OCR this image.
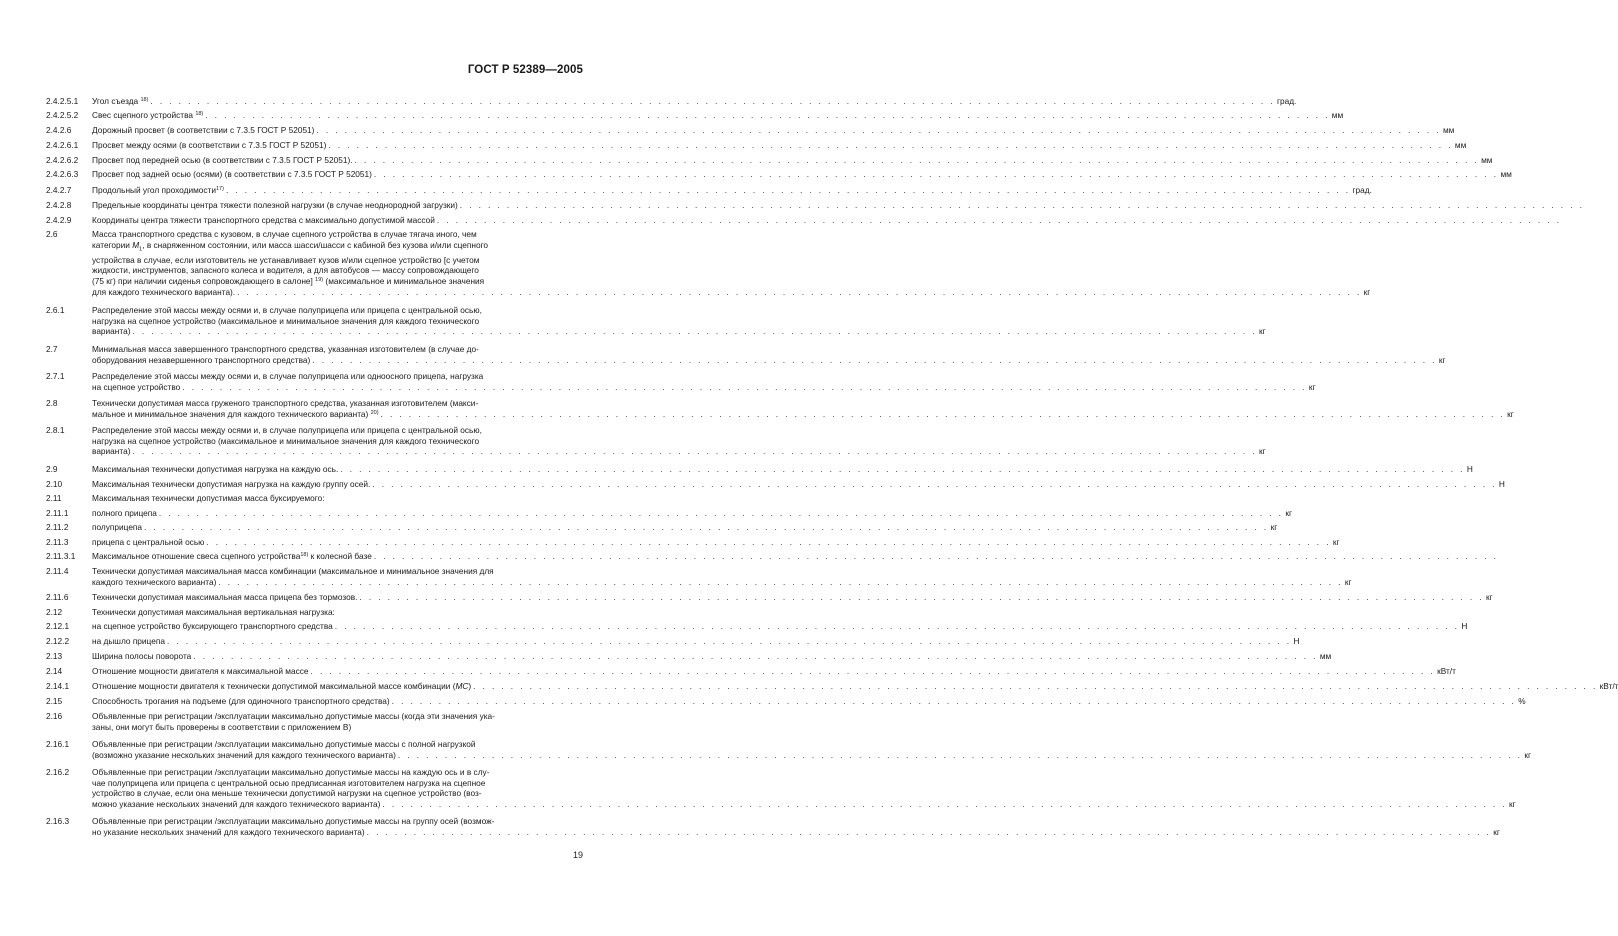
ГОСТ Р 52389—2005
2.4.2.5.1	Угол съезда $^{18)}$ . . . . . . . . . . . . . . . . . . . . . . . . . . . . . . . . . . . . . . . . . . . . . . . . . . . . . . . . . . . . . . . . . . . . . . . . . . . . . . . . . . . . . . . . . . . . . . . . . . . . . . . . . . . . . . . . . . . . . . . . град.
2.4.2.5.2	Свес сцепного устройства $^{18)}$ . . . . . . . . . . . . . . . . . . . . . . . . . . . . . . . . . . . . . . . . . . . . . . . . . . . . . . . . . . . . . . . . . . . . . . . . . . . . . . . . . . . . . . . . . . . . . . . . . . . . . . . . . . . . . . . . . . . . . . . . мм
2.4.2.6	Дорожный просвет (в соответствии с 7.3.5 ГОСТ Р 52051) . . . . . . . . . . . . . . . . . . . . . . . . . . . . . . . . . . . . . . . . . . . . . . . . . . . . . . . . . . . . . . . . . . . . . . . . . . . . . . . . . . . . . . . . . . . . . . . . . . . . . . . . . . . . . . . . . . . . . . . . мм
2.4.2.6.1	Просвет между осями (в соответствии с 7.3.5 ГОСТ Р 52051) . . . . . . . . . . . . . . . . . . . . . . . . . . . . . . . . . . . . . . . . . . . . . . . . . . . . . . . . . . . . . . . . . . . . . . . . . . . . . . . . . . . . . . . . . . . . . . . . . . . . . . . . . . . . . . . . . . . . . . . . мм
2.4.2.6.2	Просвет под передней осью (в соответствии с 7.3.5 ГОСТ Р 52051). . . . . . . . . . . . . . . . . . . . . . . . . . . . . . . . . . . . . . . . . . . . . . . . . . . . . . . . . . . . . . . . . . . . . . . . . . . . . . . . . . . . . . . . . . . . . . . . . . . . . . . . . . . . . . . . . . . . . . . . . мм
2.4.2.6.3	Просвет под задней осью (осями) (в соответствии с 7.3.5 ГОСТ Р 52051) . . . . . . . . . . . . . . . . . . . . . . . . . . . . . . . . . . . . . . . . . . . . . . . . . . . . . . . . . . . . . . . . . . . . . . . . . . . . . . . . . . . . . . . . . . . . . . . . . . . . . . . . . . . . . . . . . . . . . . . . мм
2.4.2.7	Продольный угол проходимости$^{17)}$ . . . . . . . . . . . . . . . . . . . . . . . . . . . . . . . . . . . . . . . . . . . . . . . . . . . . . . . . . . . . . . . . . . . . . . . . . . . . . . . . . . . . . . . . . . . . . . . . . . . . . . . . . . . . . . . . . . . . . . . . град.
2.4.2.8	Предельные координаты центра тяжести полезной нагрузки (в случае неоднородной загрузки) . . . . . . . . . . . . . . . . . . . . . . . . . . . . . . . . . . . . . . . . . . . . . . . . . . . . . . . . . . . . . . . . . . . . . . . . . . . . . . . . . . . . . . . . . . . . . . . . . . . . . . . . . . . . . . . . . . . . . . . .
2.4.2.9	Координаты центра тяжести транспортного средства с максимально допустимой массой . . . . . . . . . . . . . . . . . . . . . . . . . . . . . . . . . . . . . . . . . . . . . . . . . . . . . . . . . . . . . . . . . . . . . . . . . . . . . . . . . . . . . . . . . . . . . . . . . . . . . . . . . . . . . . . . . . . . . . . .
2.6	Масса транспортного средства с кузовом, в случае сцепного устройства в случае тягача иного, чем
категории $М_1$, в снаряженном состоянии, или масса шасси/шасси с кабиной без кузова и/или сцепного
устройства в случае, если изготовитель не устанавливает кузов и/или сцепное устройство [с учетом
жидкости, инструментов, запасного колеса и водителя, а для автобусов — массу сопровождающего
(75 кг) при наличии сиденья сопровождающего в салоне] $^{19)}$ (максимальное и минимальное значения
для каждого технического варианта). . . . . . . . . . . . . . . . . . . . . . . . . . . . . . . . . . . . . . . . . . . . . . . . . . . . . . . . . . . . . . . . . . . . . . . . . . . . . . . . . . . . . . . . . . . . . . . . . . . . . . . . . . . . . . . . . . . . . . . . . кг
2.6.1	Распределение этой массы между осями и, в случае полуприцепа или прицепа с центральной осью,
нагрузка на сцепное устройство (максимальное и минимальное значения для каждого технического
варианта) . . . . . . . . . . . . . . . . . . . . . . . . . . . . . . . . . . . . . . . . . . . . . . . . . . . . . . . . . . . . . . . . . . . . . . . . . . . . . . . . . . . . . . . . . . . . . . . . . . . . . . . . . . . . . . . . . . . . . . . . кг
2.7	Минимальная масса завершенного транспортного средства, указанная изготовителем (в случае до-
оборудования незавершенного транспортного средства) . . . . . . . . . . . . . . . . . . . . . . . . . . . . . . . . . . . . . . . . . . . . . . . . . . . . . . . . . . . . . . . . . . . . . . . . . . . . . . . . . . . . . . . . . . . . . . . . . . . . . . . . . . . . . . . . . . . . . . . . кг
2.7.1	Распределение этой массы между осями и, в случае полуприцепа или одноосного прицепа, нагрузка
на сцепное устройство . . . . . . . . . . . . . . . . . . . . . . . . . . . . . . . . . . . . . . . . . . . . . . . . . . . . . . . . . . . . . . . . . . . . . . . . . . . . . . . . . . . . . . . . . . . . . . . . . . . . . . . . . . . . . . . . . . . . . . . . кг
2.8	Технически допустимая масса груженого транспортного средства, указанная изготовителем (макси-
мальное и минимальное значения для каждого технического варианта) $^{20)}$ . . . . . . . . . . . . . . . . . . . . . . . . . . . . . . . . . . . . . . . . . . . . . . . . . . . . . . . . . . . . . . . . . . . . . . . . . . . . . . . . . . . . . . . . . . . . . . . . . . . . . . . . . . . . . . . . . . . . . . . . кг
2.8.1	Распределение этой массы между осями и, в случае полуприцепа или прицепа с центральной осью,
нагрузка на сцепное устройство (максимальное и минимальное значения для каждого технического
варианта) . . . . . . . . . . . . . . . . . . . . . . . . . . . . . . . . . . . . . . . . . . . . . . . . . . . . . . . . . . . . . . . . . . . . . . . . . . . . . . . . . . . . . . . . . . . . . . . . . . . . . . . . . . . . . . . . . . . . . . . . кг
2.9	Максимальная технически допустимая нагрузка на каждую ось. . . . . . . . . . . . . . . . . . . . . . . . . . . . . . . . . . . . . . . . . . . . . . . . . . . . . . . . . . . . . . . . . . . . . . . . . . . . . . . . . . . . . . . . . . . . . . . . . . . . . . . . . . . . . . . . . . . . . . . . . Н
2.10	Максимальная технически допустимая нагрузка на каждую группу осей. . . . . . . . . . . . . . . . . . . . . . . . . . . . . . . . . . . . . . . . . . . . . . . . . . . . . . . . . . . . . . . . . . . . . . . . . . . . . . . . . . . . . . . . . . . . . . . . . . . . . . . . . . . . . . . . . . . . . . . . . Н
2.11	Максимальная технически допустимая масса буксируемого:
2.11.1	полного прицепа . . . . . . . . . . . . . . . . . . . . . . . . . . . . . . . . . . . . . . . . . . . . . . . . . . . . . . . . . . . . . . . . . . . . . . . . . . . . . . . . . . . . . . . . . . . . . . . . . . . . . . . . . . . . . . . . . . . . . . . . кг
2.11.2	полуприцепа . . . . . . . . . . . . . . . . . . . . . . . . . . . . . . . . . . . . . . . . . . . . . . . . . . . . . . . . . . . . . . . . . . . . . . . . . . . . . . . . . . . . . . . . . . . . . . . . . . . . . . . . . . . . . . . . . . . . . . . . кг
2.11.3	прицепа с центральной осью . . . . . . . . . . . . . . . . . . . . . . . . . . . . . . . . . . . . . . . . . . . . . . . . . . . . . . . . . . . . . . . . . . . . . . . . . . . . . . . . . . . . . . . . . . . . . . . . . . . . . . . . . . . . . . . . . . . . . . . . кг
2.11.3.1	Максимальное отношение свеса сцепного устройства$^{18)}$ к колесной базе . . . . . . . . . . . . . . . . . . . . . . . . . . . . . . . . . . . . . . . . . . . . . . . . . . . . . . . . . . . . . . . . . . . . . . . . . . . . . . . . . . . . . . . . . . . . . . . . . . . . . . . . . . . . . . . . . . . . . . . .
2.11.4	Технически допустимая максимальная масса комбинации (максимальное и минимальное значения для
каждого технического варианта) . . . . . . . . . . . . . . . . . . . . . . . . . . . . . . . . . . . . . . . . . . . . . . . . . . . . . . . . . . . . . . . . . . . . . . . . . . . . . . . . . . . . . . . . . . . . . . . . . . . . . . . . . . . . . . . . . . . . . . . . кг
2.11.6	Технически допустимая максимальная масса прицепа без тормозов. . . . . . . . . . . . . . . . . . . . . . . . . . . . . . . . . . . . . . . . . . . . . . . . . . . . . . . . . . . . . . . . . . . . . . . . . . . . . . . . . . . . . . . . . . . . . . . . . . . . . . . . . . . . . . . . . . . . . . . . . кг
2.12	Технически допустимая максимальная вертикальная нагрузка:
2.12.1	на сцепное устройство буксирующего транспортного средства . . . . . . . . . . . . . . . . . . . . . . . . . . . . . . . . . . . . . . . . . . . . . . . . . . . . . . . . . . . . . . . . . . . . . . . . . . . . . . . . . . . . . . . . . . . . . . . . . . . . . . . . . . . . . . . . . . . . . . . . Н
2.12.2	на дышло прицепа . . . . . . . . . . . . . . . . . . . . . . . . . . . . . . . . . . . . . . . . . . . . . . . . . . . . . . . . . . . . . . . . . . . . . . . . . . . . . . . . . . . . . . . . . . . . . . . . . . . . . . . . . . . . . . . . . . . . . . . . Н
2.13	Ширина полосы поворота . . . . . . . . . . . . . . . . . . . . . . . . . . . . . . . . . . . . . . . . . . . . . . . . . . . . . . . . . . . . . . . . . . . . . . . . . . . . . . . . . . . . . . . . . . . . . . . . . . . . . . . . . . . . . . . . . . . . . . . . мм
2.14	Отношение мощности двигателя к максимальной массе . . . . . . . . . . . . . . . . . . . . . . . . . . . . . . . . . . . . . . . . . . . . . . . . . . . . . . . . . . . . . . . . . . . . . . . . . . . . . . . . . . . . . . . . . . . . . . . . . . . . . . . . . . . . . . . . . . . . . . . . кВт/т
2.14.1	Отношение мощности двигателя к технически допустимой максимальной массе комбинации (МС) . . . . . . . . . . . . . . . . . . . . . . . . . . . . . . . . . . . . . . . . . . . . . . . . . . . . . . . . . . . . . . . . . . . . . . . . . . . . . . . . . . . . . . . . . . . . . . . . . . . . . . . . . . . . . . . . . . . . . . . . кВт/т
2.15	Способность трогания на подъеме (для одиночного транспортного средства) . . . . . . . . . . . . . . . . . . . . . . . . . . . . . . . . . . . . . . . . . . . . . . . . . . . . . . . . . . . . . . . . . . . . . . . . . . . . . . . . . . . . . . . . . . . . . . . . . . . . . . . . . . . . . . . . . . . . . . . . %
2.16	Объявленные при регистрации /эксплуатации максимально допустимые массы (когда эти значения ука-
заны, они могут быть проверены в соответствии с приложением В)
2.16.1	Объявленные при регистрации /эксплуатации максимально допустимые массы с полной нагрузкой
(возможно указание нескольких значений для каждого технического варианта) . . . . . . . . . . . . . . . . . . . . . . . . . . . . . . . . . . . . . . . . . . . . . . . . . . . . . . . . . . . . . . . . . . . . . . . . . . . . . . . . . . . . . . . . . . . . . . . . . . . . . . . . . . . . . . . . . . . . . . . . кг
2.16.2	Объявленные при регистрации /эксплуатации максимально допустимые массы на каждую ось и в слу-
чае полуприцепа или прицепа с центральной осью предписанная изготовителем нагрузка на сцепное
устройство в случае, если она меньше технически допустимой нагрузки на сцепное устройство (воз-
можно указание нескольких значений для каждого технического варианта) . . . . . . . . . . . . . . . . . . . . . . . . . . . . . . . . . . . . . . . . . . . . . . . . . . . . . . . . . . . . . . . . . . . . . . . . . . . . . . . . . . . . . . . . . . . . . . . . . . . . . . . . . . . . . . . . . . . . . . . . кг
2.16.3	Объявленные при регистрации /эксплуатации максимально допустимые массы на группу осей (возмож-
но указание нескольких значений для каждого технического варианта) . . . . . . . . . . . . . . . . . . . . . . . . . . . . . . . . . . . . . . . . . . . . . . . . . . . . . . . . . . . . . . . . . . . . . . . . . . . . . . . . . . . . . . . . . . . . . . . . . . . . . . . . . . . . . . . . . . . . . . . . кг
19
